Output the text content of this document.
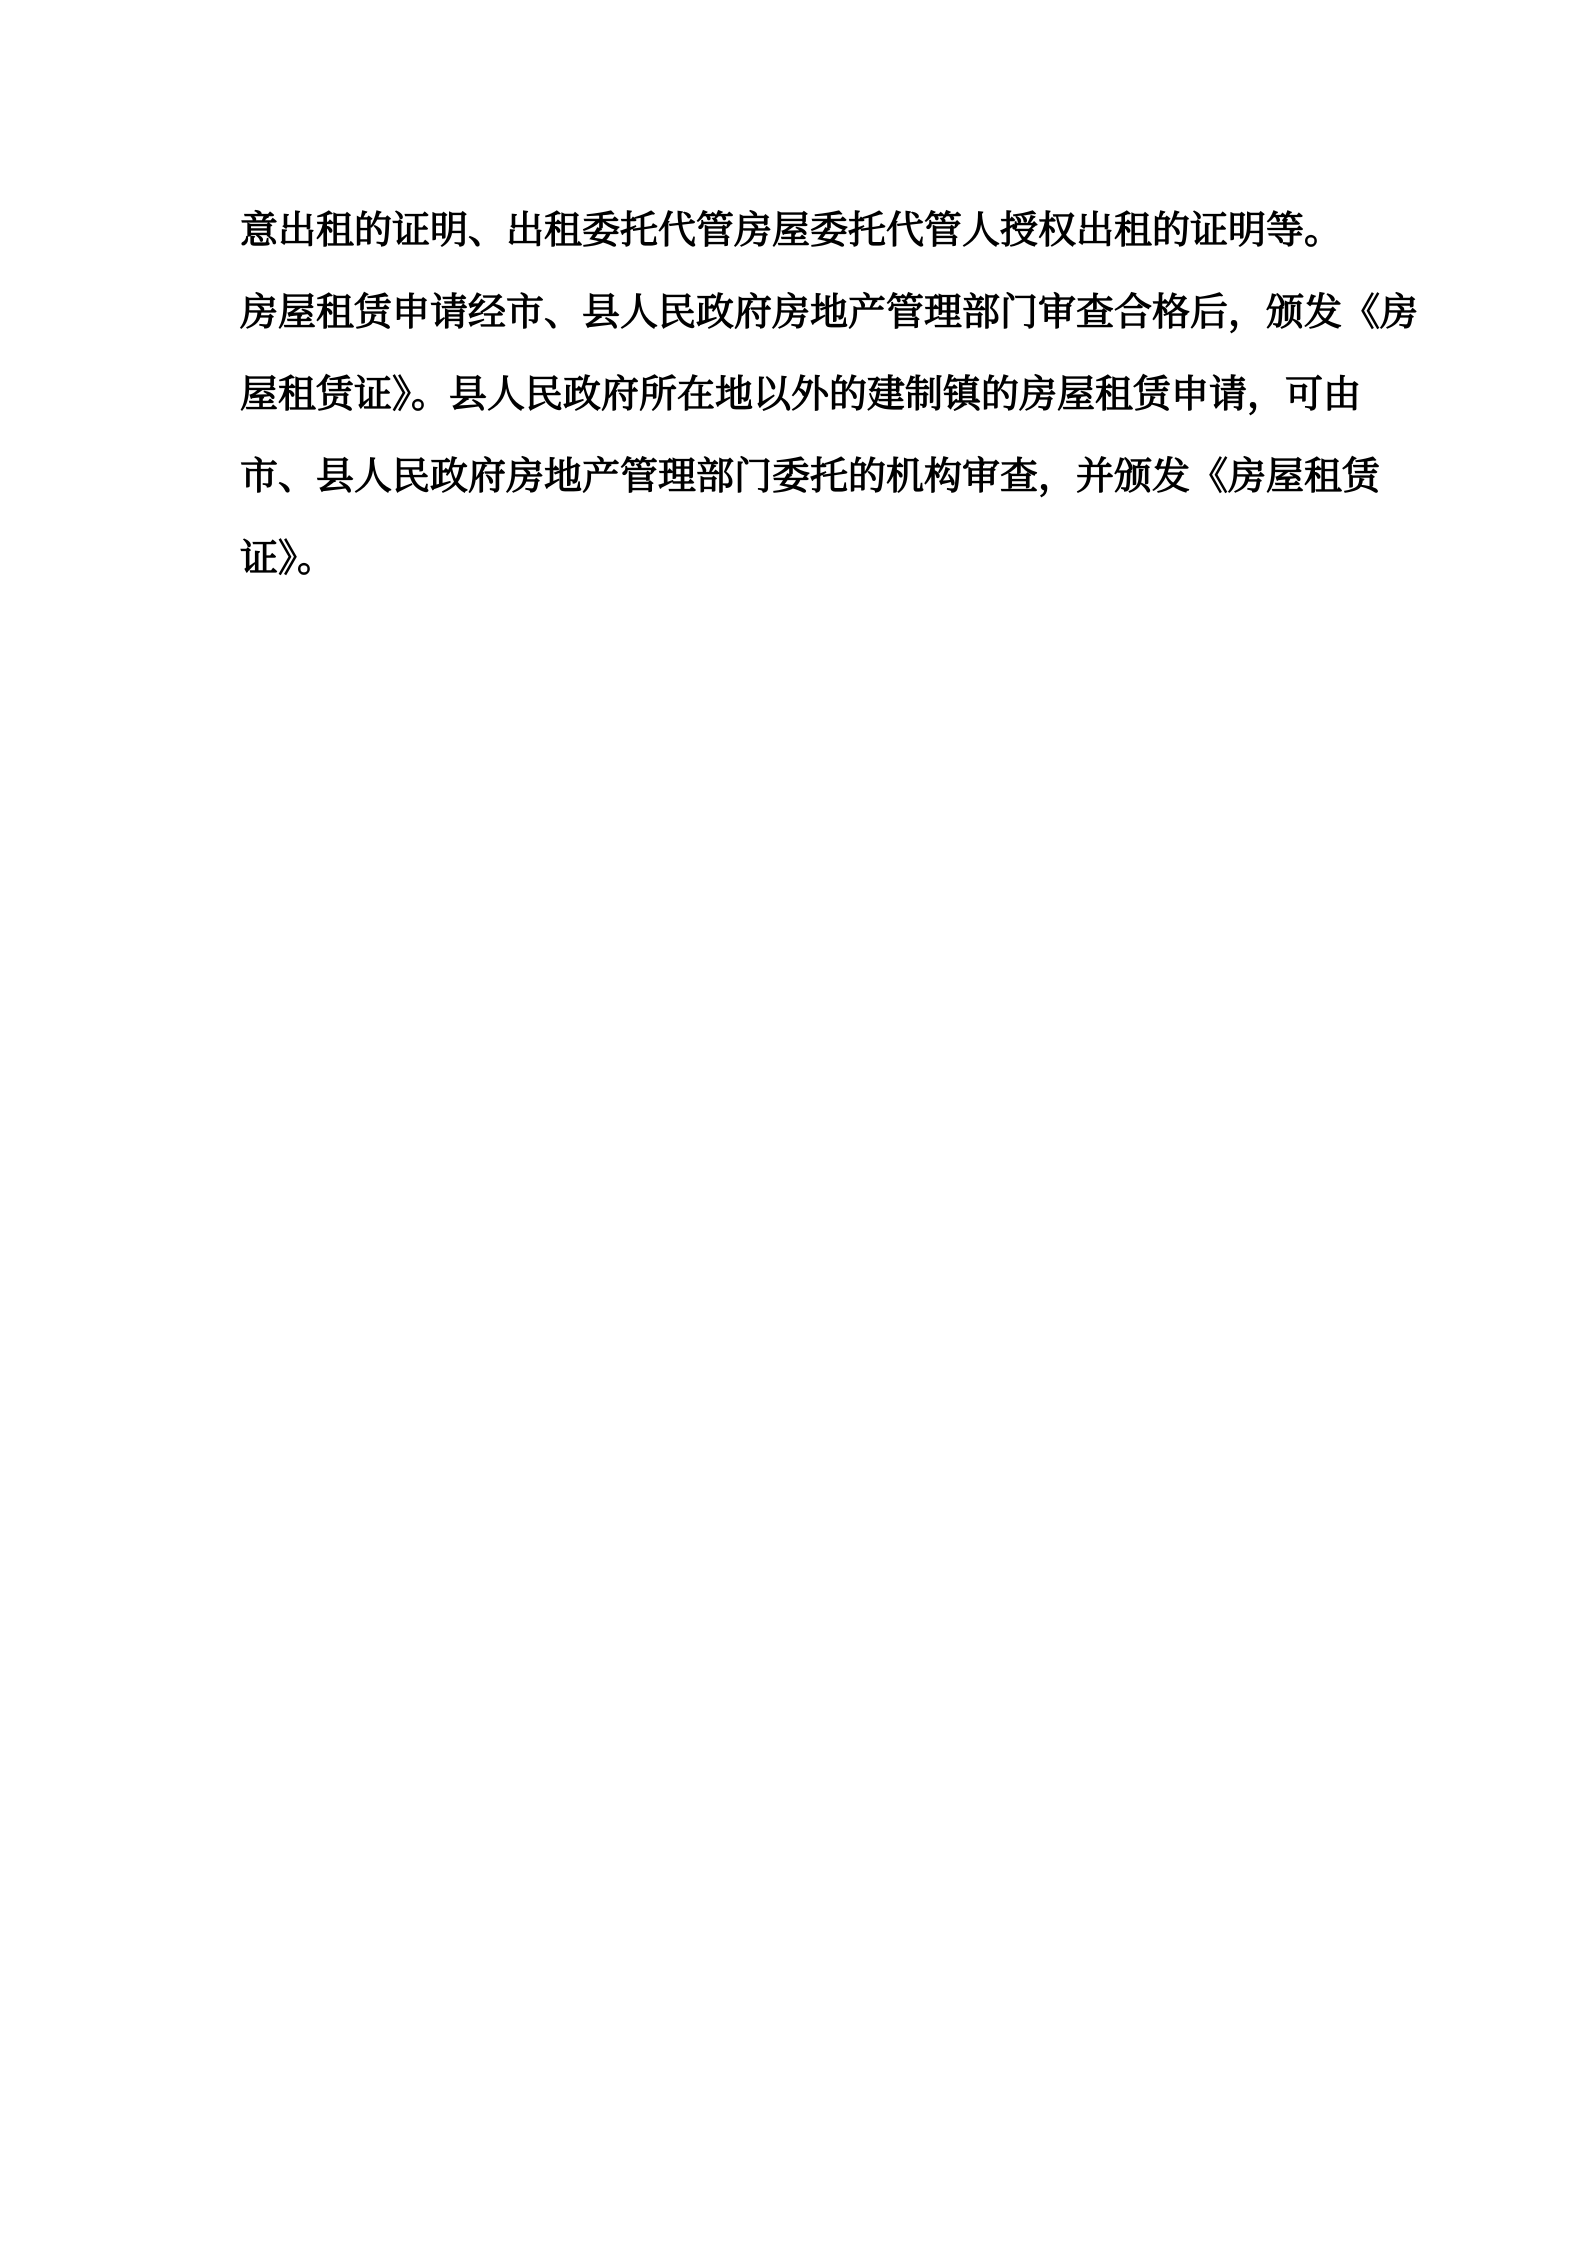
意出租的证明、出租委托代管房屋委托代管人授权出租的证明等。
房屋租赁申请经市、县人民政府房地产管理部门审查合格后，颁发《房
屋租赁证》。县人民政府所在地以外的建制镇的房屋租赁申请，可由
市、县人民政府房地产管理部门委托的机构审查，并颁发《房屋租赁
证》。
